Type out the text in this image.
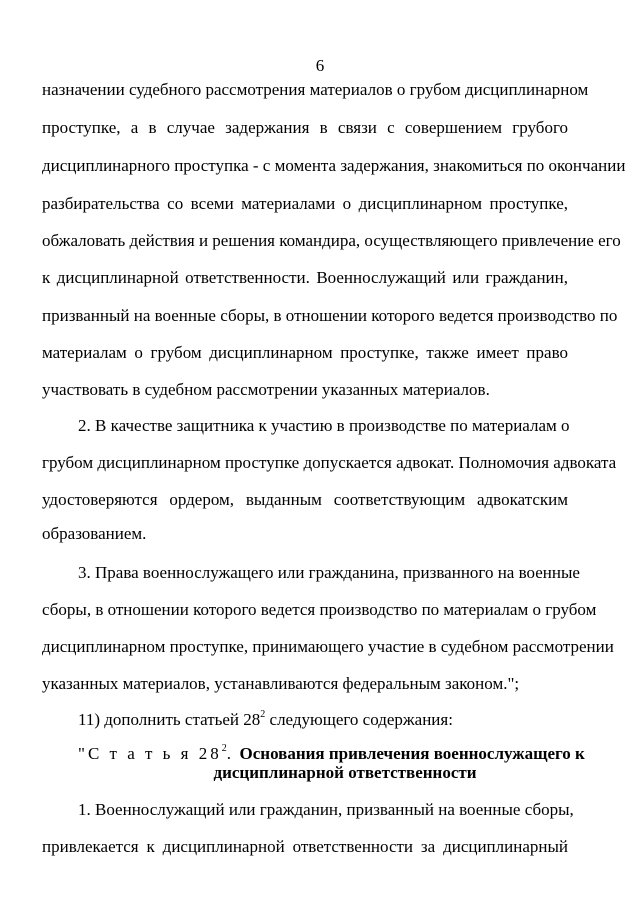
6
назначении судебного рассмотрения материалов о грубом дисциплинарном
проступке, а в случае задержания в связи с совершением грубого
дисциплинарного проступка - с момента задержания, знакомиться по окончании
разбирательства со всеми материалами о дисциплинарном проступке,
обжаловать действия и решения командира, осуществляющего привлечение его
к дисциплинарной ответственности. Военнослужащий или гражданин,
призванный на военные сборы, в отношении которого ведется производство по
материалам о грубом дисциплинарном проступке, также имеет право
участвовать в судебном рассмотрении указанных материалов.
2. В качестве защитника к участию в производстве по материалам о
грубом дисциплинарном проступке допускается адвокат. Полномочия адвоката
удостоверяются ордером, выданным соответствующим адвокатским
образованием.
3. Права военнослужащего или гражданина, призванного на военные
сборы, в отношении которого ведется производство по материалам о грубом
дисциплинарном проступке, принимающего участие в судебном рассмотрении
указанных материалов, устанавливаются федеральным законом.";
11) дополнить статьей $28^2$ следующего содержания:
"С т а т ь я $28^2$. Основания привлечения военнослужащего к
дисциплинарной ответственности
1. Военнослужащий или гражданин, призванный на военные сборы,
привлекается к дисциплинарной ответственности за дисциплинарный
